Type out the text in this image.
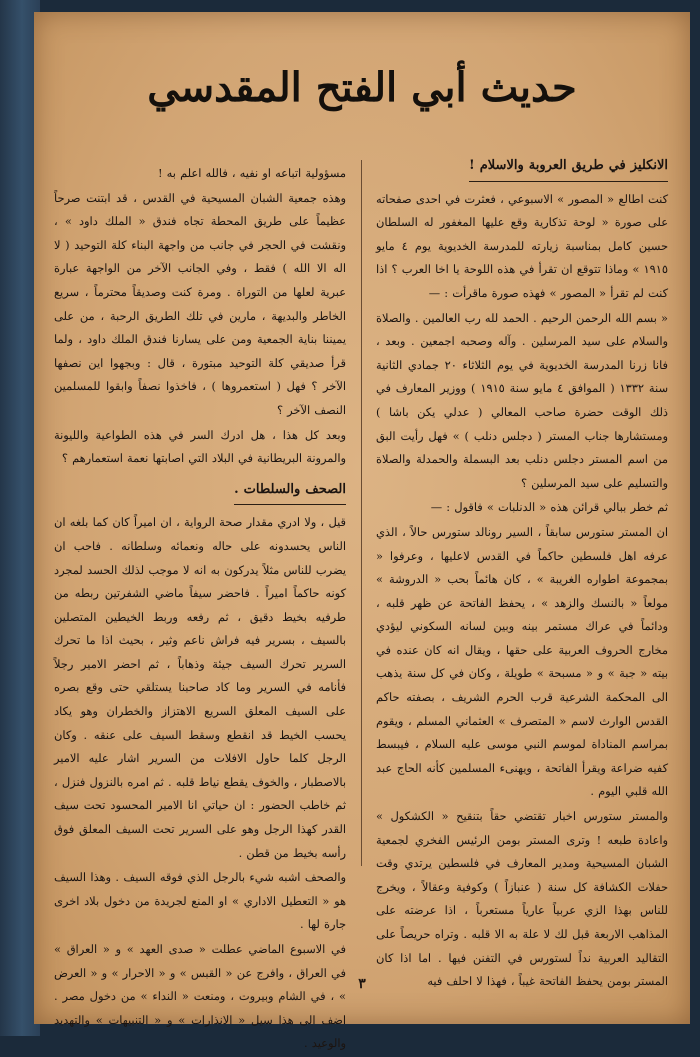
حديث أبي الفتح المقدسي
الانكليز في طريق العروبة والاسلام !

كنت اطالع « المصور » الاسبوعي ، فعثرت في احدى صفحاته على صورة « لوحة تذكارية وقع عليها المغفور له السلطان حسين كامل بمناسبة زيارته للمدرسة الخديوية يوم ٤ مايو ١٩١٥ » وماذا تتوقع ان تقرأ في هذه اللوحة يا اخا العرب ؟ اذا كنت لم تقرأ « المصور » فهذه صورة ماقرأت : —

« بسم الله الرحمن الرحيم . الحمد لله رب العالمين . والصلاة والسلام على سيد المرسلين . وآله وصحبه اجمعين . وبعد ، فانا زرنا المدرسة الخديوية في يوم الثلاثاء ٢٠ جمادي الثانية سنة ١٣٣٢ ( الموافق ٤ مايو سنة ١٩١٥ ) ووزير المعارف في ذلك الوقت حضرة صاحب المعالي ( عدلي يكن باشا ) ومستشارها جناب المستر ( دجلس دنلب ) » فهل رأيت البق من اسم المستر دجلس دنلب بعد البسملة والحمدلة والصلاة والتسليم على سيد المرسلين ؟

ثم خطر ببالي قرائن هذه « الدنلبات » فاقول : —

ان المستر ستورس سابقاً ، السير رونالد ستورس حالاً ، الذي عرفه اهل فلسطين حاكماً في القدس لاعليها ، وعرفوا « بمجموعة اطواره الغريبة » ، كان هائماً بحب « الدروشة » مولعاً « بالنسك والزهد » ، يحفظ الفاتحة عن ظهر قلبه ، ودائماً في عراك مستمر بينه وبين لسانه السكوني ليؤدي مخارج الحروف العربية على حقها ، ويقال انه كان عنده في بيته « جبة » و « مسبحة » طويلة ، وكان في كل سنة يذهب الى المحكمة الشرعية قرب الحرم الشريف ، بصفته حاكم القدس الوارث لاسم « المتصرف » العثماني المسلم ، ويقوم بمراسم المناداة لموسم النبي موسى عليه السلام ، فيبسط كفيه ضراعة ويقرأ الفاتحة ، ويهنىء المسلمين كأنه الحاج عبد الله قلبي اليوم .

والمستر ستورس اخبار تقتضي حقاً بتنقيح « الكشكول » واعادة طبعه ! وترى المستر بومن الرئيس الفخري لجمعية الشبان المسيحية ومدير المعارف في فلسطين يرتدي وقت حفلات الكشافة كل سنة ( عنبازاً ) وكوفية وعقالاً ، ويخرج للناس بهذا الزي عربياً عارياً مستعرباً ، اذا عرضته على المذاهب الاربعة قبل لك لا علة به الا قلبه . وتراه حريصاً على التقاليد العربية نداً لستورس في التفنن فيها . اما اذا كان المستر بومن يحفظ الفاتحة غيباً ، فهذا لا احلف فيه

مسؤولية اتباعه او نفيه ، فالله اعلم به !

وهذه جمعية الشبان المسيحية في القدس ، قد ابتنت صرحاً عظيماً على طريق المحطة تجاه فندق « الملك داود » ، ونقشت في الحجر في جانب من واجهة البناء كلة التوحيد ( لا اله الا الله ) فقط ، وفي الجانب الآخر من الواجهة عبارة عبرية لعلها من التوراة . ومرة كنت وصديقاً محترماً ، سريع الخاطر والبديهة ، مارين في تلك الطريق الرحبة ، من على يميننا بناية الجمعية ومن على يسارنا فندق الملك داود ، ولما قرأ صديقي كلة التوحيد مبتورة ، قال : وبجهوا اين نصفها الآخر ؟ فهل ( استعمروها ) ، فاخذوا نصفاً وابقوا للمسلمين النصف الآخر ؟

وبعد كل هذا ، هل ادرك السر في هذه الطواعية والليونة والمرونة البريطانية في البلاد التي اصابتها نعمة استعمارهم ؟

الصحف والسلطات .

قيل ، ولا ادري مقدار صحة الرواية ، ان اميراً كان كما بلغه ان الناس يحسدونه على حاله ونعمائه وسلطانه . فاحب ان يضرب للناس مثلاً يدركون به انه لا موجب لذلك الحسد لمجرد كونه حاكماً اميراً . فاحضر سيفاً ماضي الشفرتين ربطه من طرفيه بخيط دقيق ، ثم رفعه وربط الخيطين المتصلين بالسيف ، بسرير فيه فراش ناعم وثير ، بحيث اذا ما تحرك السرير تحرك السيف جيئة وذهاباً ، ثم احضر الامير رجلاً فأنامه في السرير وما كاد صاحبنا يستلقي حتى وقع بصره على السيف المعلق السريع الاهتزاز والخطران وهو يكاد يحسب الخيط قد انقطع وسقط السيف على عنقه . وكان الرجل كلما حاول الافلات من السرير اشار عليه الامير بالاصطبار ، والخوف يقطع نياط قلبه . ثم امره بالنزول فنزل ، ثم خاطب الحضور : ان حياتي انا الامير المحسود تحت سيف القدر كهذا الرجل وهو على السرير تحت السيف المعلق فوق رأسه بخيط من قطن .

والصحف اشبه شيء بالرجل الذي فوقه السيف . وهذا السيف هو « التعطيل الاداري » او المنع لجريدة من دخول بلاد اخرى جارة لها .

في الاسبوع الماضي عطلت « صدى العهد » و « العراق » في العراق ، وافرج عن « القبس » و « الاحرار » و « العرض » ، في الشام وبيروت ، ومنعت « النداء » من دخول مصر . اضف الى هذا سيل « الانذارات » و « التنبيهات » والتهديد والوعيد .

٣
